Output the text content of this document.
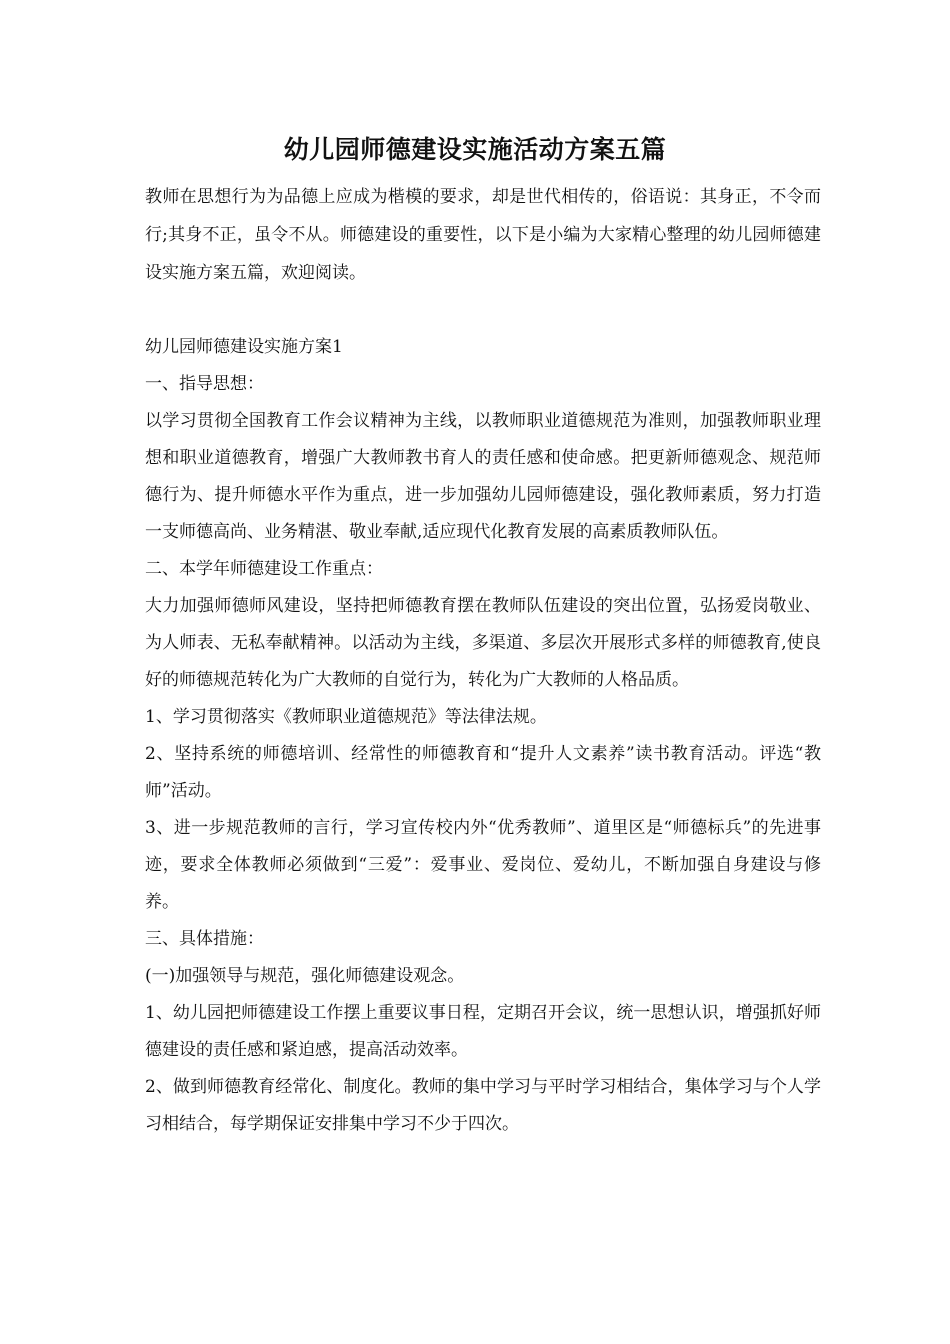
幼儿园师德建设实施活动方案五篇

教师在思想行为为品德上应成为楷模的要求，却是世代相传的，俗语说：其身正，不令而行;其身不正，虽令不从。师德建设的重要性，以下是小编为大家精心整理的幼儿园师德建设实施方案五篇，欢迎阅读。

幼儿园师德建设实施方案1

一、指导思想：

以学习贯彻全国教育工作会议精神为主线，以教师职业道德规范为准则，加强教师职业理想和职业道德教育，增强广大教师教书育人的责任感和使命感。把更新师德观念、规范师德行为、提升师德水平作为重点，进一步加强幼儿园师德建设，强化教师素质，努力打造一支师德高尚、业务精湛、敬业奉献,适应现代化教育发展的高素质教师队伍。

二、本学年师德建设工作重点：

大力加强师德师风建设，坚持把师德教育摆在教师队伍建设的突出位置，弘扬爱岗敬业、为人师表、无私奉献精神。以活动为主线，多渠道、多层次开展形式多样的师德教育,使良好的师德规范转化为广大教师的自觉行为，转化为广大教师的人格品质。

1、学习贯彻落实《教师职业道德规范》等法律法规。

2、坚持系统的师德培训、经常性的师德教育和“提升人文素养”读书教育活动。评选“教师”活动。

3、进一步规范教师的言行，学习宣传校内外“优秀教师”、道里区是“师德标兵”的先进事迹，要求全体教师必须做到“三爱”：爱事业、爱岗位、爱幼儿，不断加强自身建设与修养。

三、具体措施：

(一)加强领导与规范，强化师德建设观念。

1、幼儿园把师德建设工作摆上重要议事日程，定期召开会议，统一思想认识，增强抓好师德建设的责任感和紧迫感，提高活动效率。

2、做到师德教育经常化、制度化。教师的集中学习与平时学习相结合，集体学习与个人学习相结合，每学期保证安排集中学习不少于四次。
